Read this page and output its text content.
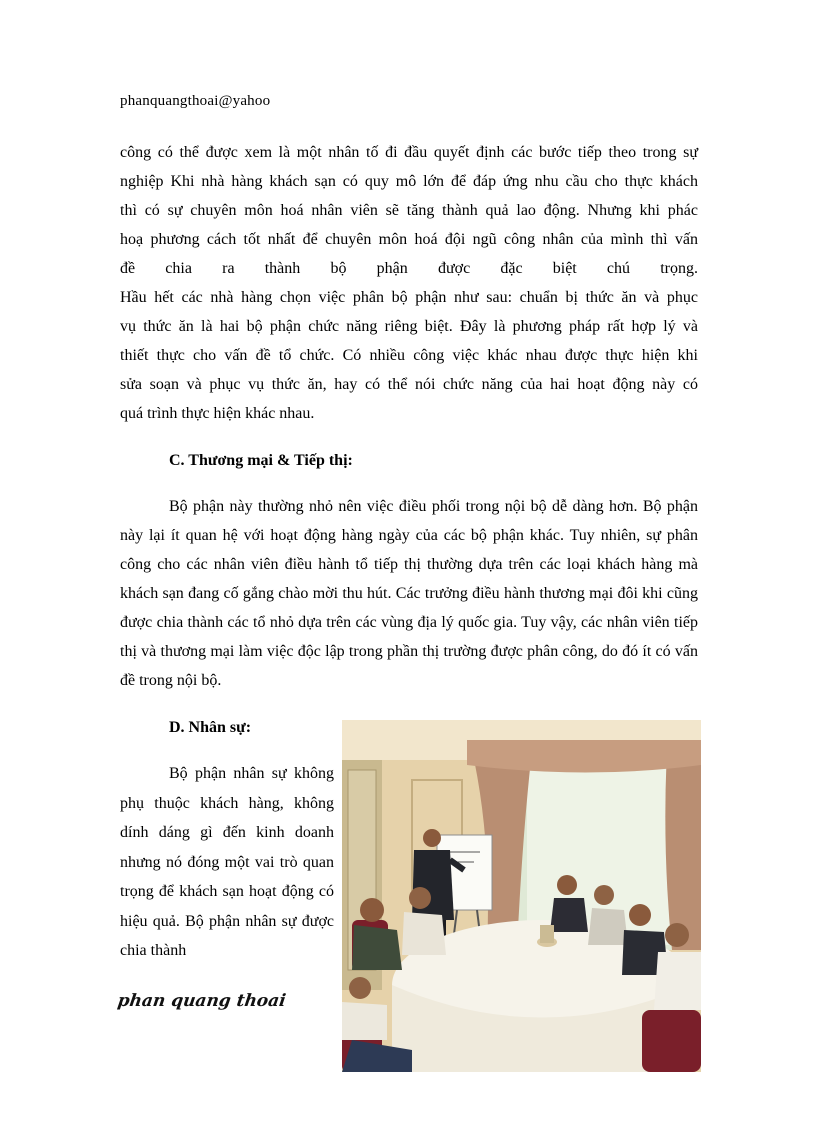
phanquangthoai@yahoo

công có thể được xem là một nhân tố đi đầu quyết định các bước tiếp theo trong sự
nghiệp Khi nhà hàng khách sạn có quy mô lớn để đáp ứng nhu cầu cho thực khách
thì có sự chuyên môn hoá nhân viên sẽ tăng thành quả lao động. Nhưng khi phác
hoạ phương cách tốt nhất để chuyên môn hoá đội ngũ công nhân của mình thì vấn
đề chia ra thành bộ phận được đặc biệt chú trọng.
Hầu hết các nhà hàng chọn việc phân bộ phận như sau: chuẩn bị thức ăn và phục
vụ thức ăn là hai bộ phận chức năng riêng biệt. Đây là phương pháp rất hợp lý và
thiết thực cho vấn đề tổ chức. Có nhiều công việc khác nhau được thực hiện khi
sửa soạn và phục vụ thức ăn, hay có thể nói chức năng của hai hoạt động này có
quá trình thực hiện khác nhau.

C. Thương mại & Tiếp thị:

Bộ phận này thường nhỏ nên việc điều phối trong nội bộ dễ dàng hơn. Bộ phận này lại ít quan hệ với hoạt động hàng ngày của các bộ phận khác. Tuy nhiên, sự phân công cho các nhân viên điều hành tổ tiếp thị thường dựa trên các loại khách hàng mà khách sạn đang cố gắng chào mời thu hút. Các trưởng điều hành thương mại đôi khi cũng được chia thành các tổ nhỏ dựa trên các vùng địa lý quốc gia. Tuy vậy, các nhân viên tiếp thị và thương mại làm việc độc lập trong phần thị trường được phân công, do đó ít có vấn đề trong nội bộ.

D. Nhân sự:

Bộ phận nhân sự không phụ thuộc khách hàng, không dính dáng gì đến kinh doanh nhưng nó đóng một vai trò quan trọng để khách sạn hoạt động có hiệu quả. Bộ phận nhân sự được chia thành

phan quang thoai
